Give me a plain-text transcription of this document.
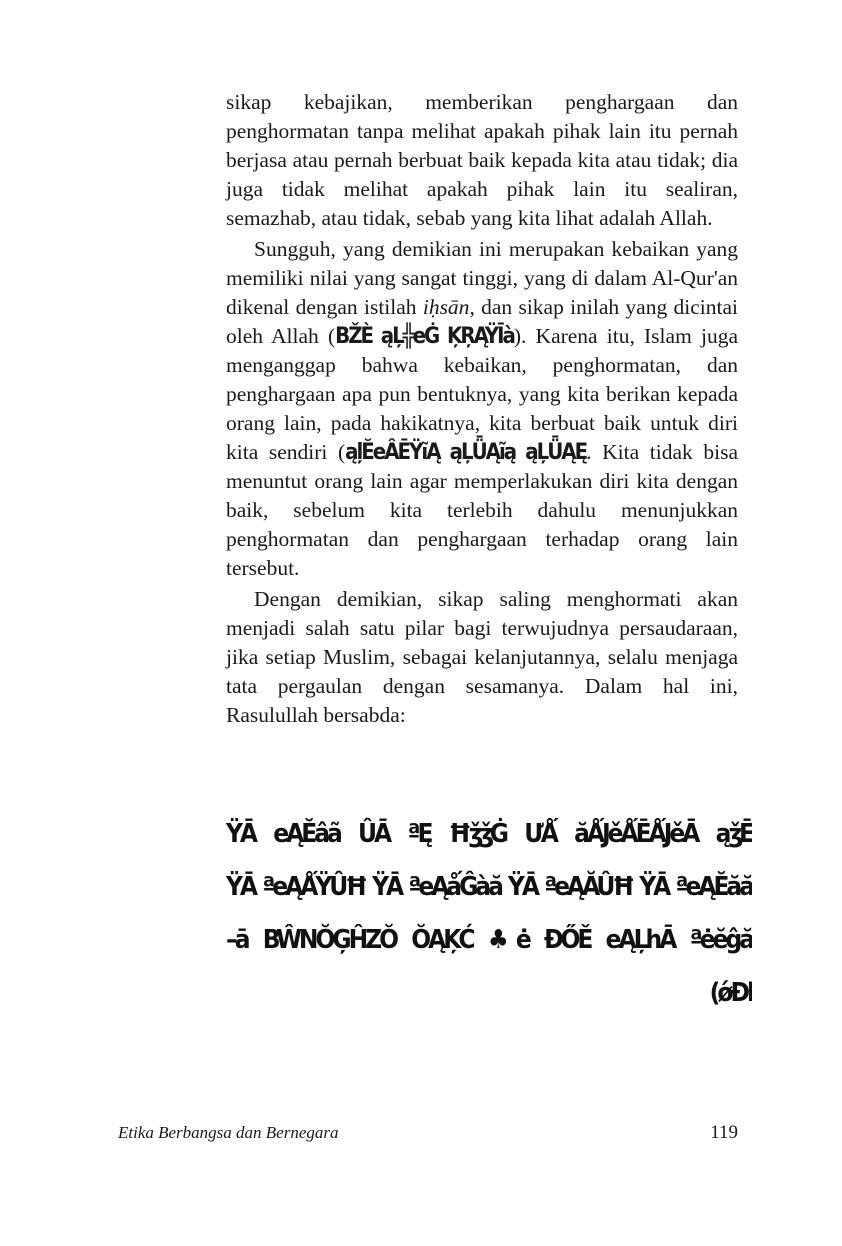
sikap kebajikan, memberikan penghargaan dan penghormatan tanpa melihat apakah pihak lain itu pernah berjasa atau pernah berbuat baik kepada kita atau tidak; dia juga tidak melihat apakah pihak lain itu sealiran, semazhab, atau tidak, sebab yang kita lihat adalah Allah.

Sungguh, yang demikian ini merupakan kebaikan yang memiliki nilai yang sangat tinggi, yang di dalam Al-Qur'an dikenal dengan istilah iḥsān, dan sikap inilah yang dicintai oleh Allah (BŽÈ ąĻ╬eĠ ĶŖĄŸĪà). Karena itu, Islam juga menganggap bahwa kebaikan, penghormatan, dan penghargaan apa pun bentuknya, yang kita berikan kepada orang lain, pada hakikatnya, kita berbuat baik untuk diri kita sendiri (ąļĔeÂĒŸĩĄ ąĻǕĄĩą ąĻǕĄĘ. Kita tidak bisa menuntut orang lain agar memperlakukan diri kita dengan baik, sebelum kita terlebih dahulu menunjukkan penghormatan dan penghargaan terhadap orang lain tersebut.

Dengan demikian, sikap saling menghormati akan menjadi salah satu pilar bagi terwujudnya persaudaraan, jika setiap Muslim, sebagai kelanjutannya, selalu menjaga tata pergaulan dengan sesamanya. Dalam hal ini, Rasulullah bersabda:

ŸĀ eĄĔâã ÛĀ ªĘ ĦǯǯĠ ƯǺ ăǺJěǺĒǺJěĀ ąǯĒ
ŸĀ ªeĄǺŸÛĦ ŸĀ ªeĄǻĜàă ŸĀ ªeĄĂÛĦ ŸĀ ªeĄĔăă
–ā BŴNŎĢĤZŎ ŎĄĶĆ ♣ė ĐŐĚ eĄĻhĀ ªėĕĝă
(ǿĐl
Etika Berbangsa dan Bernegara	119
